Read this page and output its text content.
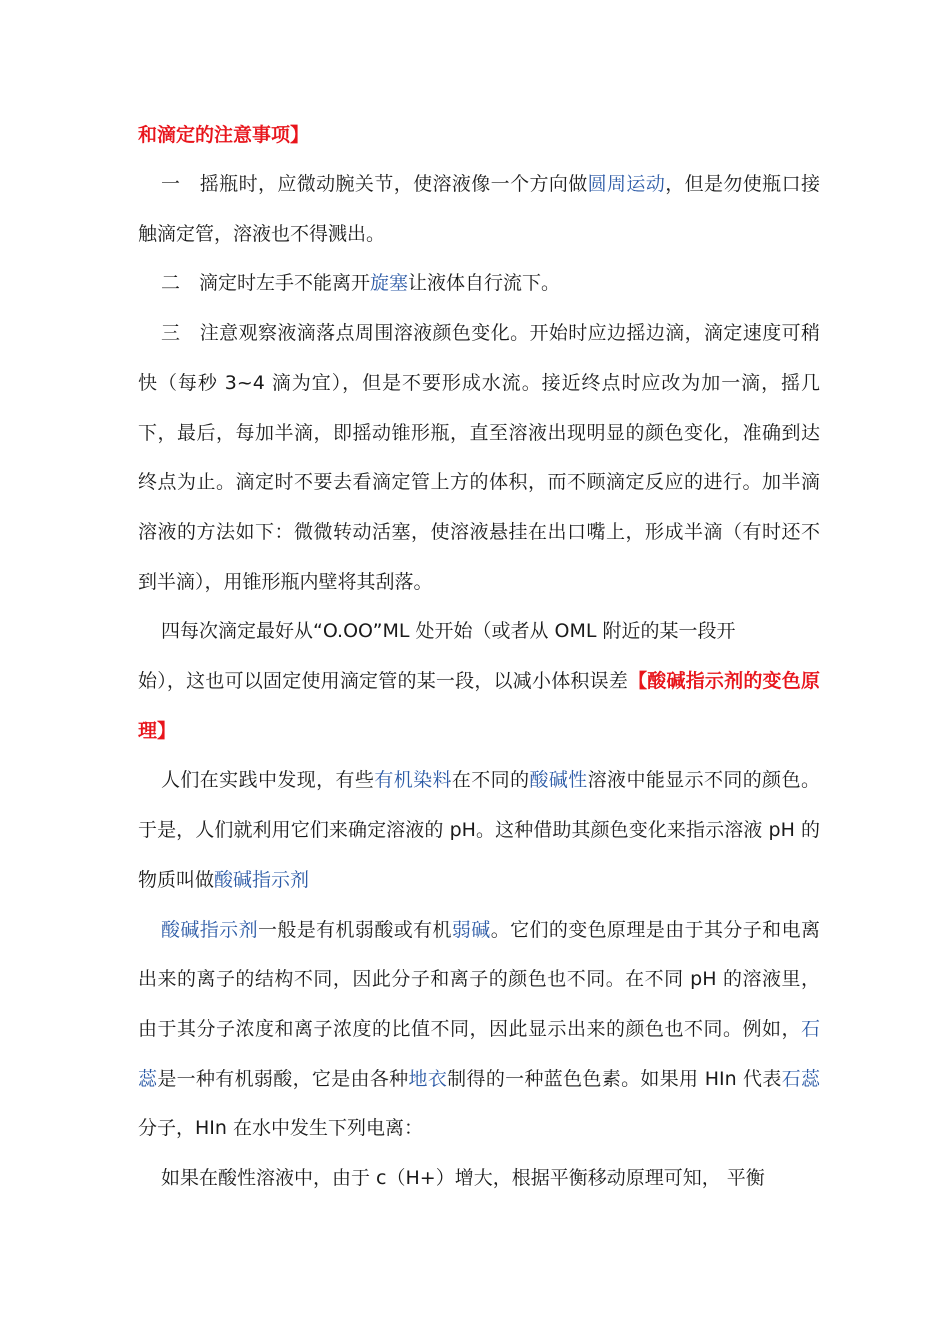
和滴定的注意事项】

一　摇瓶时，应微动腕关节，使溶液像一个方向做圆周运动，但是勿使瓶口接触滴定管，溶液也不得溅出。

二　滴定时左手不能离开旋塞让液体自行流下。

三　注意观察液滴落点周围溶液颜色变化。开始时应边摇边滴，滴定速度可稍快（每秒 3~4 滴为宜），但是不要形成水流。接近终点时应改为加一滴，摇几下，最后，每加半滴，即摇动锥形瓶，直至溶液出现明显的颜色变化，准确到达终点为止。滴定时不要去看滴定管上方的体积，而不顾滴定反应的进行。加半滴溶液的方法如下：微微转动活塞，使溶液悬挂在出口嘴上，形成半滴（有时还不到半滴），用锥形瓶内壁将其刮落。

四每次滴定最好从“O.OO”ML 处开始（或者从 OML 附近的某一段开

始），这也可以固定使用滴定管的某一段，以减小体积误差【酸碱指示剂的变色原理】

人们在实践中发现，有些有机染料在不同的酸碱性溶液中能显示不同的颜色。于是，人们就利用它们来确定溶液的 pH。这种借助其颜色变化来指示溶液 pH 的物质叫做酸碱指示剂

酸碱指示剂一般是有机弱酸或有机弱碱。它们的变色原理是由于其分子和电离出来的离子的结构不同，因此分子和离子的颜色也不同。在不同 pH 的溶液里，由于其分子浓度和离子浓度的比值不同，因此显示出来的颜色也不同。例如，石蕊是一种有机弱酸，它是由各种地衣制得的一种蓝色色素。如果用 HIn 代表石蕊分子，HIn 在水中发生下列电离：

如果在酸性溶液中，由于 c（H+）增大，根据平衡移动原理可知， 平衡
